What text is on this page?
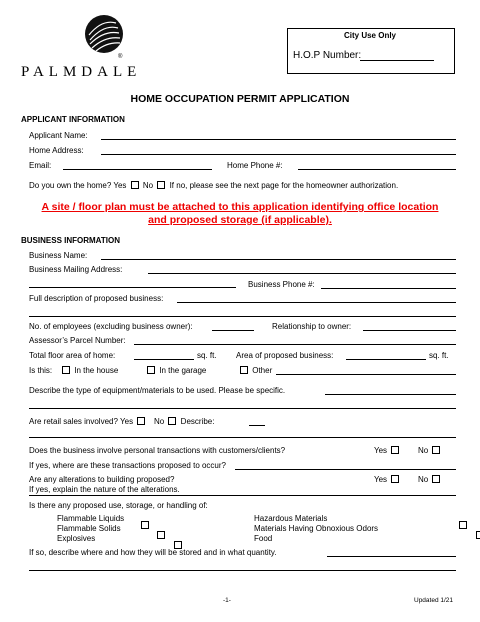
PALMDALE
®
City Use Only
H.O.P Number:
HOME OCCUPATION PERMIT APPLICATION
APPLICANT INFORMATION
Applicant Name:
Home Address:
Email:	Home Phone #:
Do you own the home? Yes No If no, please see the next page for the homeowner authorization.
A site / floor plan must be attached to this application identifying office location
and proposed storage (if applicable).
BUSINESS INFORMATION
Business Name:
Business Mailing Address:
Business Phone #:
Full description of proposed business:
No. of employees (excluding business owner):	Relationship to owner:
Assessor’s Parcel Number:
Total floor area of home:	sq. ft. Area of proposed business:	sq. ft.
Is this:	In the house	In the garage	Other
Describe the type of equipment/materials to be used. Please be specific.
Are retail sales involved? Yes	No Describe:
Does the business involve personal transactions with customers/clients?	Yes	No
If yes, where are these transactions proposed to occur?
Are any alterations to building proposed?	Yes	No
If yes, explain the nature of the alterations.
Is there any proposed use, storage, or handling of:
Flammable Liquids

Flammable Solids

Explosives

Hazardous Materials

Materials Having Obnoxious Odors

Food
If so, describe where and how they will be stored and in what quantity.
-1-	Updated 1/21
